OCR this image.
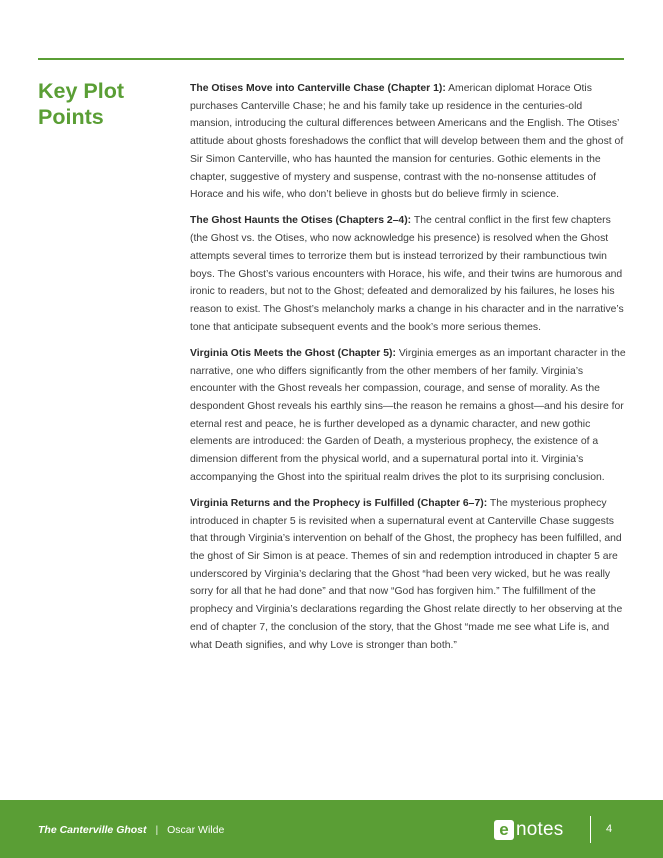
Key Plot Points

The Otises Move into Canterville Chase (Chapter 1): American diplomat Horace Otis purchases Canterville Chase; he and his family take up residence in the centuries-old mansion, introducing the cultural differences between Americans and the English. The Otises’ attitude about ghosts foreshadows the conflict that will develop between them and the ghost of Sir Simon Canterville, who has haunted the mansion for centuries. Gothic elements in the chapter, suggestive of mystery and suspense, contrast with the no-nonsense attitudes of Horace and his wife, who don’t believe in ghosts but do believe firmly in science.

The Ghost Haunts the Otises (Chapters 2–4): The central conflict in the first few chapters (the Ghost vs. the Otises, who now acknowledge his presence) is resolved when the Ghost attempts several times to terrorize them but is instead terrorized by their rambunctious twin boys. The Ghost’s various encounters with Horace, his wife, and their twins are humorous and ironic to readers, but not to the Ghost; defeated and demoralized by his failures, he loses his reason to exist. The Ghost’s melancholy marks a change in his character and in the narrative’s tone that anticipate subsequent events and the book’s more serious themes.

Virginia Otis Meets the Ghost (Chapter 5): Virginia emerges as an important character in the narrative, one who differs significantly from the other members of her family. Virginia’s encounter with the Ghost reveals her compassion, courage, and sense of morality. As the despondent Ghost reveals his earthly sins—the reason he remains a ghost—and his desire for eternal rest and peace, he is further developed as a dynamic character, and new gothic elements are introduced: the Garden of Death, a mysterious prophecy, the existence of a dimension different from the physical world, and a supernatural portal into it. Virginia’s accompanying the Ghost into the spiritual realm drives the plot to its surprising conclusion.

Virginia Returns and the Prophecy is Fulfilled (Chapter 6–7): The mysterious prophecy introduced in chapter 5 is revisited when a supernatural event at Canterville Chase suggests that through Virginia’s intervention on behalf of the Ghost, the prophecy has been fulfilled, and the ghost of Sir Simon is at peace. Themes of sin and redemption introduced in chapter 5 are underscored by Virginia’s declaring that the Ghost “had been very wicked, but he was really sorry for all that he had done” and that now “God has forgiven him.” The fulfillment of the prophecy and Virginia’s declarations regarding the Ghost relate directly to her observing at the end of chapter 7, the conclusion of the story, that the Ghost “made me see what Life is, and what Death signifies, and why Love is stronger than both.”

The Canterville Ghost | Oscar Wilde	e notes	4
